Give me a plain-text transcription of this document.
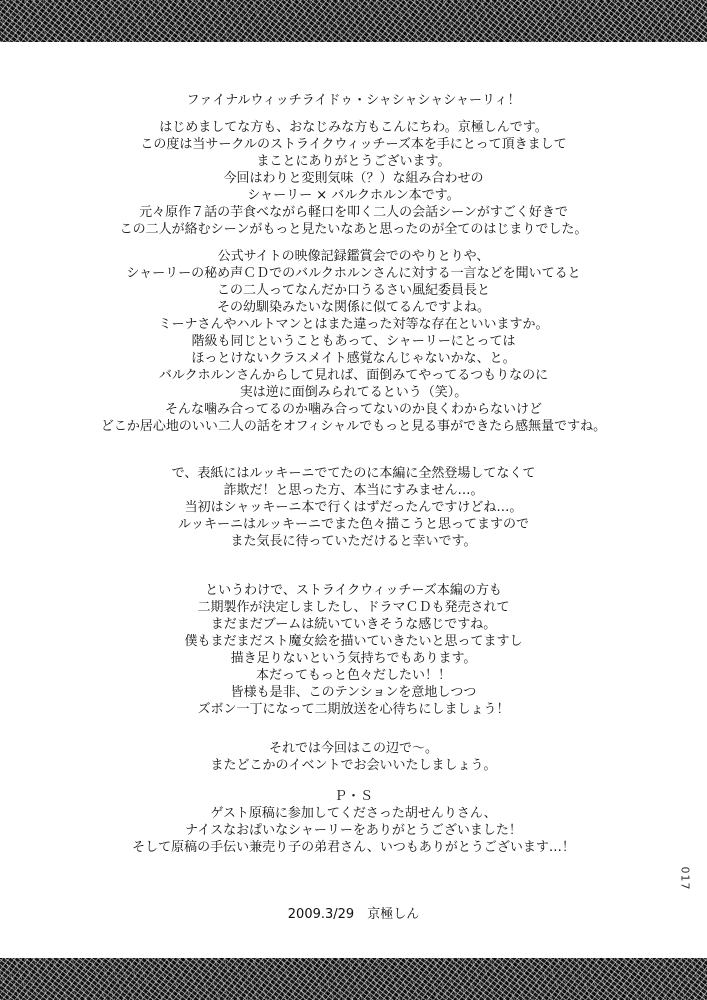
ファイナルウィッチライドゥ・シャシャシャシャーリィ！
はじめましてな方も、おなじみな方もこんにちわ。京極しんです。
この度は当サークルのストライクウィッチーズ本を手にとって頂きまして
まことにありがとうございます。
今回はわりと変則気味（？）な組み合わせの
シャーリー × バルクホルン本です。
元々原作７話の芋食べながら軽口を叩く二人の会話シーンがすごく好きで
この二人が絡むシーンがもっと見たいなあと思ったのが全てのはじまりでした。
公式サイトの映像記録鑑賞会でのやりとりや、
シャーリーの秘め声ＣＤでのバルクホルンさんに対する一言などを聞いてると
この二人ってなんだか口うるさい風紀委員長と
その幼馴染みたいな関係に似てるんですよね。
ミーナさんやハルトマンとはまた違った対等な存在といいますか。
階級も同じということもあって、シャーリーにとっては
ほっとけないクラスメイト感覚なんじゃないかな、と。
バルクホルンさんからして見れば、面倒みてやってるつもりなのに
実は逆に面倒みられてるという（笑）。
そんな噛み合ってるのか噛み合ってないのか良くわからないけど
どこか居心地のいい二人の話をオフィシャルでもっと見る事ができたら感無量ですね。
で、表紙にはルッキーニでてたのに本編に全然登場してなくて
詐欺だ！と思った方、本当にすみません…。
当初はシャッキーニ本で行くはずだったんですけどね…。
ルッキーニはルッキーニでまた色々描こうと思ってますので
また気長に待っていただけると幸いです。
というわけで、ストライクウィッチーズ本編の方も
二期製作が決定しましたし、ドラマＣＤも発売されて
まだまだブームは続いていきそうな感じですね。
僕もまだまだスト魔女絵を描いていきたいと思ってますし
描き足りないという気持ちでもあります。
本だってもっと色々だしたい！！
皆様も是非、このテンションを意地しつつ
ズボン一丁になって二期放送を心待ちにしましょう！
それでは今回はこの辺で〜。
またどこかのイベントでお会いいたしましょう。
Ｐ・Ｓ
ゲスト原稿に参加してくださった胡せんりさん、
ナイスなおぱいなシャーリーをありがとうございました！
そして原稿の手伝い兼売り子の弟君さん、いつもありがとうございます…！
2009.3/29　京極しん
017
